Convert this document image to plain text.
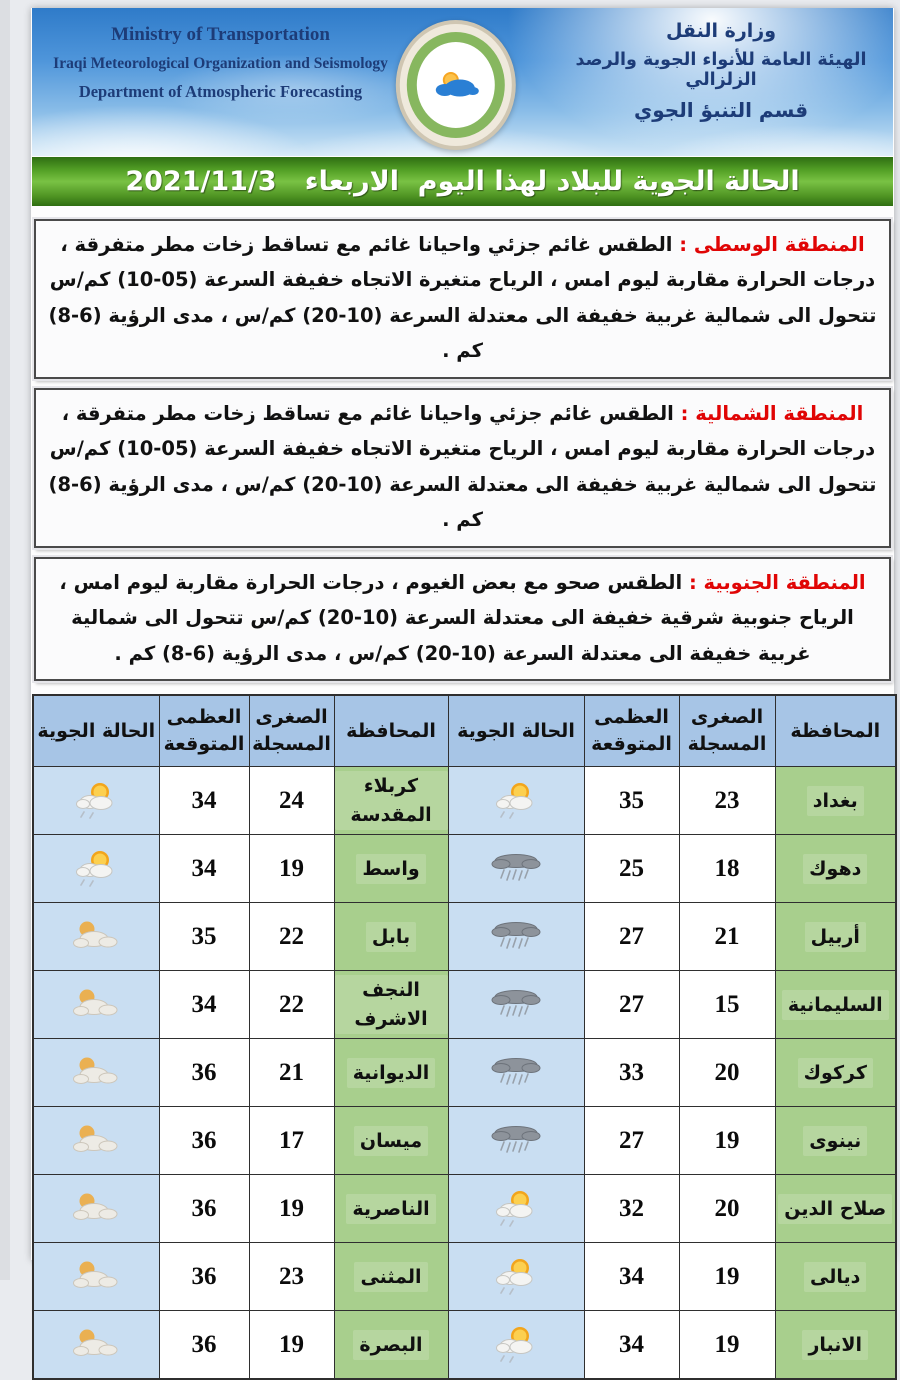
Ministry of Transportation
Iraqi Meteorological Organization and Seismology
Department of Atmospheric Forecasting
وزارة النقل
الهيئة العامة للأنواء الجوية والرصد الزلزالي
قسم التنبؤ الجوي
الحالة الجوية للبلاد لهذا اليوم  الاربعاء   2021/11/3
المنطقة الوسطى : الطقس غائم جزئي واحيانا غائم مع تساقط زخات مطر متفرقة ، درجات الحرارة مقاربة ليوم امس ، الرياح متغيرة الاتجاه خفيفة السرعة (05-10) كم/س تتحول الى شمالية غربية خفيفة الى معتدلة السرعة (10-20) كم/س ، مدى الرؤية (6-8) كم .
المنطقة الشمالية : الطقس غائم جزئي واحيانا غائم مع تساقط زخات مطر متفرقة ، درجات الحرارة مقاربة ليوم امس ، الرياح متغيرة الاتجاه خفيفة السرعة (05-10) كم/س تتحول الى شمالية غربية خفيفة الى معتدلة السرعة (10-20) كم/س ، مدى الرؤية (6-8) كم .
المنطقة الجنوبية : الطقس صحو مع بعض الغيوم ، درجات الحرارة مقاربة ليوم امس ، الرياح جنوبية شرقية خفيفة الى معتدلة السرعة (10-20) كم/س تتحول الى شمالية غربية خفيفة الى معتدلة السرعة (10-20) كم/س ، مدى الرؤية (6-8) كم .
الحالة الجوية	العظمى المتوقعة	الصغرى المسجلة	المحافظة	الحالة الجوية	العظمى المتوقعة	الصغرى المسجلة	المحافظة

	34	24	كربلاء المقدسة		35	23	بغداد

	34	19	واسط		25	18	دهوك

	35	22	بابل		27	21	أربيل

	34	22	النجف الاشرف		27	15	السليمانية

	36	21	الديوانية		33	20	كركوك

	36	17	ميسان		27	19	نينوى

	36	19	الناصرية		32	20	صلاح الدين

	36	23	المثنى		34	19	ديالى

	36	19	البصرة		34	19	الانبار
